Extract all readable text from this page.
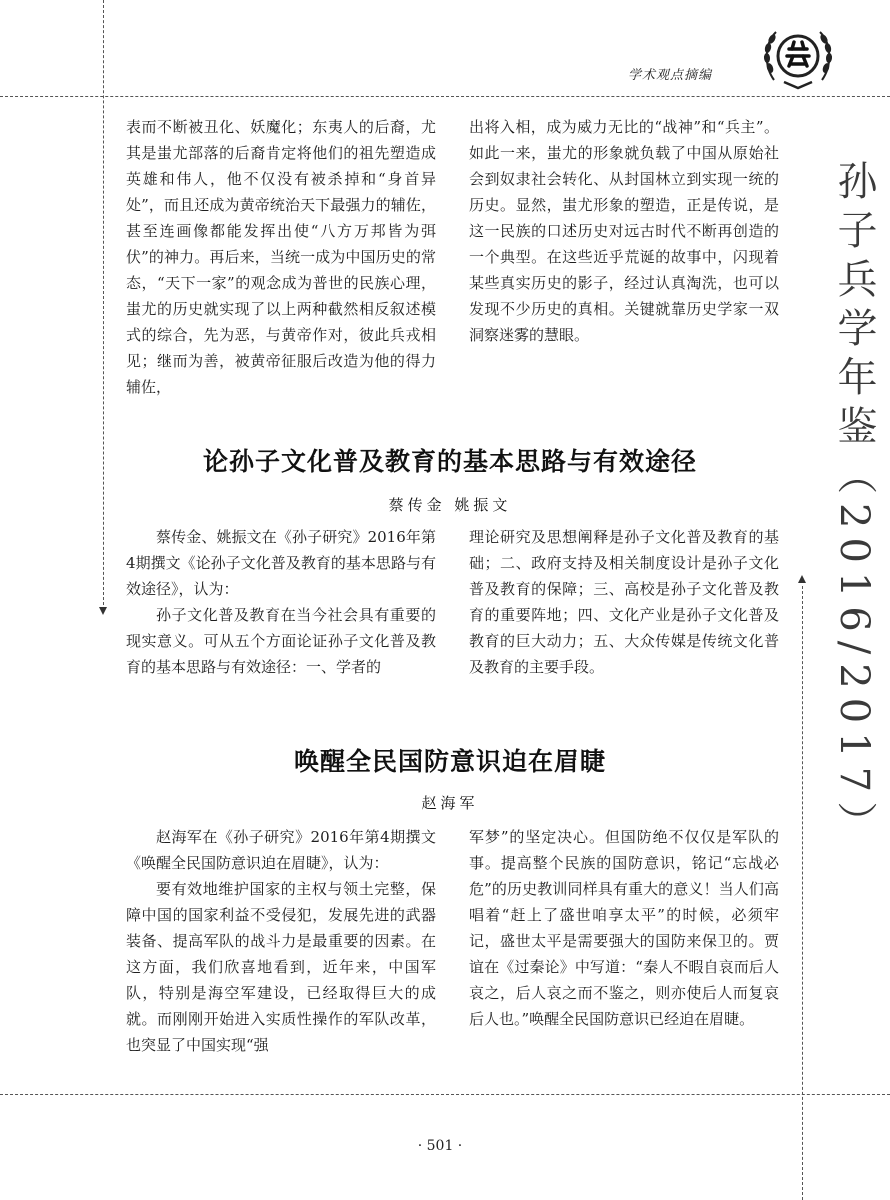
学术观点摘编
孙子兵学年鉴（2016/2017）

表而不断被丑化、妖魔化；东夷人的后裔，尤其是蚩尤部落的后裔肯定将他们的祖先塑造成英雄和伟人，他不仅没有被杀掉和“身首异处”，而且还成为黄帝统治天下最强力的辅佐，甚至连画像都能发挥出使“八方万邦皆为弭伏”的神力。再后来，当统一成为中国历史的常态，“天下一家”的观念成为普世的民族心理，蚩尤的历史就实现了以上两种截然相反叙述模式的综合，先为恶，与黄帝作对，彼此兵戎相见；继而为善，被黄帝征服后改造为他的得力辅佐，

出将入相，成为威力无比的“战神”和“兵主”。如此一来，蚩尤的形象就负载了中国从原始社会到奴隶社会转化、从封国林立到实现一统的历史。显然，蚩尤形象的塑造，正是传说，是这一民族的口述历史对远古时代不断再创造的一个典型。在这些近乎荒诞的故事中，闪现着某些真实历史的影子，经过认真淘洗，也可以发现不少历史的真相。关键就靠历史学家一双洞察迷雾的慧眼。

论孙子文化普及教育的基本思路与有效途径
蔡传金 姚振文

蔡传金、姚振文在《孙子研究》2016年第4期撰文《论孙子文化普及教育的基本思路与有效途径》，认为：

孙子文化普及教育在当今社会具有重要的现实意义。可从五个方面论证孙子文化普及教育的基本思路与有效途径：一、学者的

理论研究及思想阐释是孙子文化普及教育的基础；二、政府支持及相关制度设计是孙子文化普及教育的保障；三、高校是孙子文化普及教育的重要阵地；四、文化产业是孙子文化普及教育的巨大动力；五、大众传媒是传统文化普及教育的主要手段。

唤醒全民国防意识迫在眉睫
赵海军

赵海军在《孙子研究》2016年第4期撰文《唤醒全民国防意识迫在眉睫》，认为：

要有效地维护国家的主权与领土完整，保障中国的国家利益不受侵犯，发展先进的武器装备、提高军队的战斗力是最重要的因素。在这方面，我们欣喜地看到，近年来，中国军队，特别是海空军建设，已经取得巨大的成就。而刚刚开始进入实质性操作的军队改革，也突显了中国实现“强

军梦”的坚定决心。但国防绝不仅仅是军队的事。提高整个民族的国防意识，铭记“忘战必危”的历史教训同样具有重大的意义！当人们高唱着“赶上了盛世咱享太平”的时候，必须牢记，盛世太平是需要强大的国防来保卫的。贾谊在《过秦论》中写道：“秦人不暇自哀而后人哀之，后人哀之而不鉴之，则亦使后人而复哀后人也。”唤醒全民国防意识已经迫在眉睫。

· 501 ·
